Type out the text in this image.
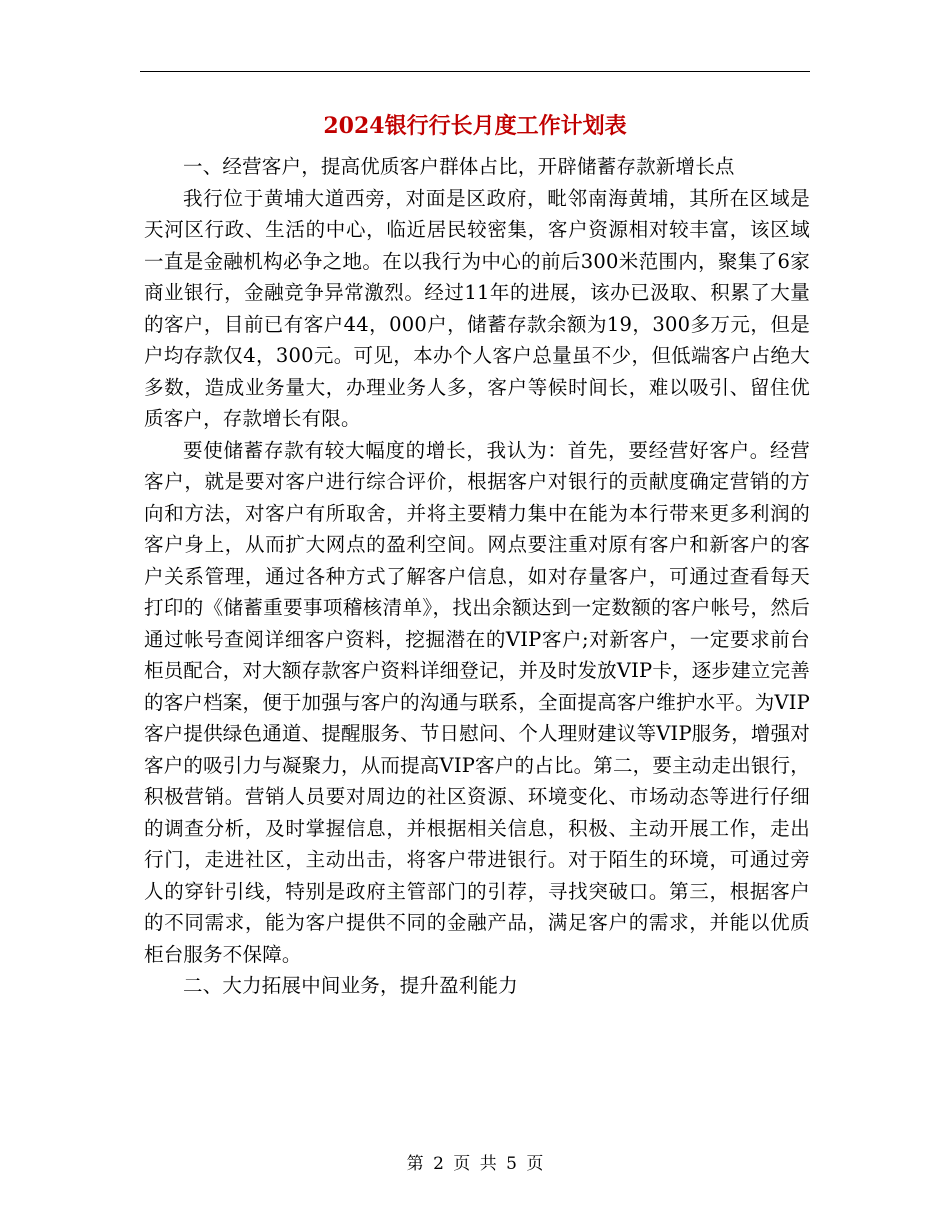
2024银行行长月度工作计划表

一、经营客户，提高优质客户群体占比，开辟储蓄存款新增长点

我行位于黄埔大道西旁，对面是区政府，毗邻南海黄埔，其所在区域是天河区行政、生活的中心，临近居民较密集，客户资源相对较丰富，该区域一直是金融机构必争之地。在以我行为中心的前后300米范围内，聚集了6家商业银行，金融竞争异常激烈。经过11年的进展，该办已汲取、积累了大量的客户，目前已有客户44，000户，储蓄存款余额为19，300多万元，但是户均存款仅4，300元。可见，本办个人客户总量虽不少，但低端客户占绝大多数，造成业务量大，办理业务人多，客户等候时间长，难以吸引、留住优质客户，存款增长有限。

要使储蓄存款有较大幅度的增长，我认为：首先，要经营好客户。经营客户，就是要对客户进行综合评价，根据客户对银行的贡献度确定营销的方向和方法，对客户有所取舍，并将主要精力集中在能为本行带来更多利润的客户身上，从而扩大网点的盈利空间。网点要注重对原有客户和新客户的客户关系管理，通过各种方式了解客户信息，如对存量客户，可通过查看每天打印的《储蓄重要事项稽核清单》，找出余额达到一定数额的客户帐号，然后通过帐号查阅详细客户资料，挖掘潜在的VIP客户;对新客户，一定要求前台柜员配合，对大额存款客户资料详细登记，并及时发放VIP卡，逐步建立完善的客户档案，便于加强与客户的沟通与联系，全面提高客户维护水平。为VIP客户提供绿色通道、提醒服务、节日慰问、个人理财建议等VIP服务，增强对客户的吸引力与凝聚力，从而提高VIP客户的占比。第二，要主动走出银行，积极营销。营销人员要对周边的社区资源、环境变化、市场动态等进行仔细的调查分析，及时掌握信息，并根据相关信息，积极、主动开展工作，走出行门，走进社区，主动出击，将客户带进银行。对于陌生的环境，可通过旁人的穿针引线，特别是政府主管部门的引荐，寻找突破口。第三，根据客户的不同需求，能为客户提供不同的金融产品，满足客户的需求，并能以优质柜台服务不保障。

二、大力拓展中间业务，提升盈利能力

第 2 页 共 5 页
